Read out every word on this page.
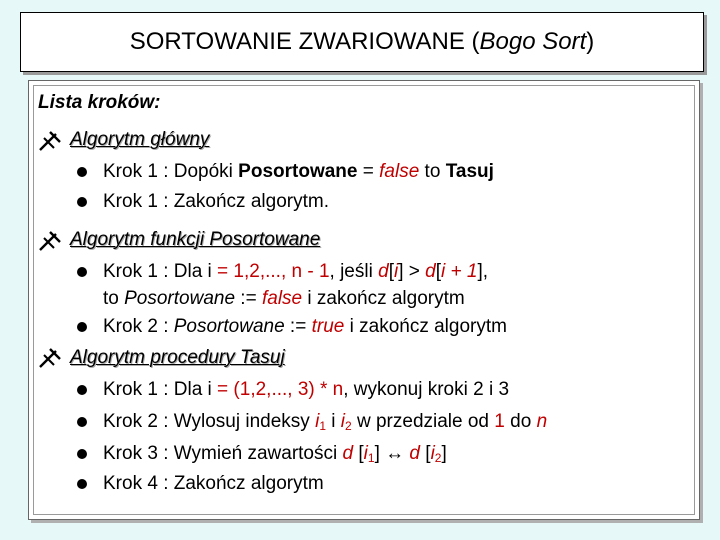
SORTOWANIE ZWARIOWANE ( Bogo Sort )
Lista kroków:
Algorytm główny
Krok 1 : Dopóki Posortowane = false to Tasuj
Krok 1 : Zakończ algorytm.
Algorytm funkcji Posortowane
Krok 1 : Dla i = 1,2,..., n - 1, jeśli d[i] > d[i + 1],
to Posortowane := false i zakończ algorytm
Krok 2 : Posortowane := true i zakończ algorytm
Algorytm procedury Tasuj
Krok 1 : Dla i = (1,2,..., 3) * n, wykonuj kroki 2 i 3
Krok 2 : Wylosuj indeksy $i_1$ i $i_2$ w przedziale od 1 do n
Krok 3 : Wymień zawartości d $[i_1]$ ↔ d $[i_2]$
Krok 4 : Zakończ algorytm
